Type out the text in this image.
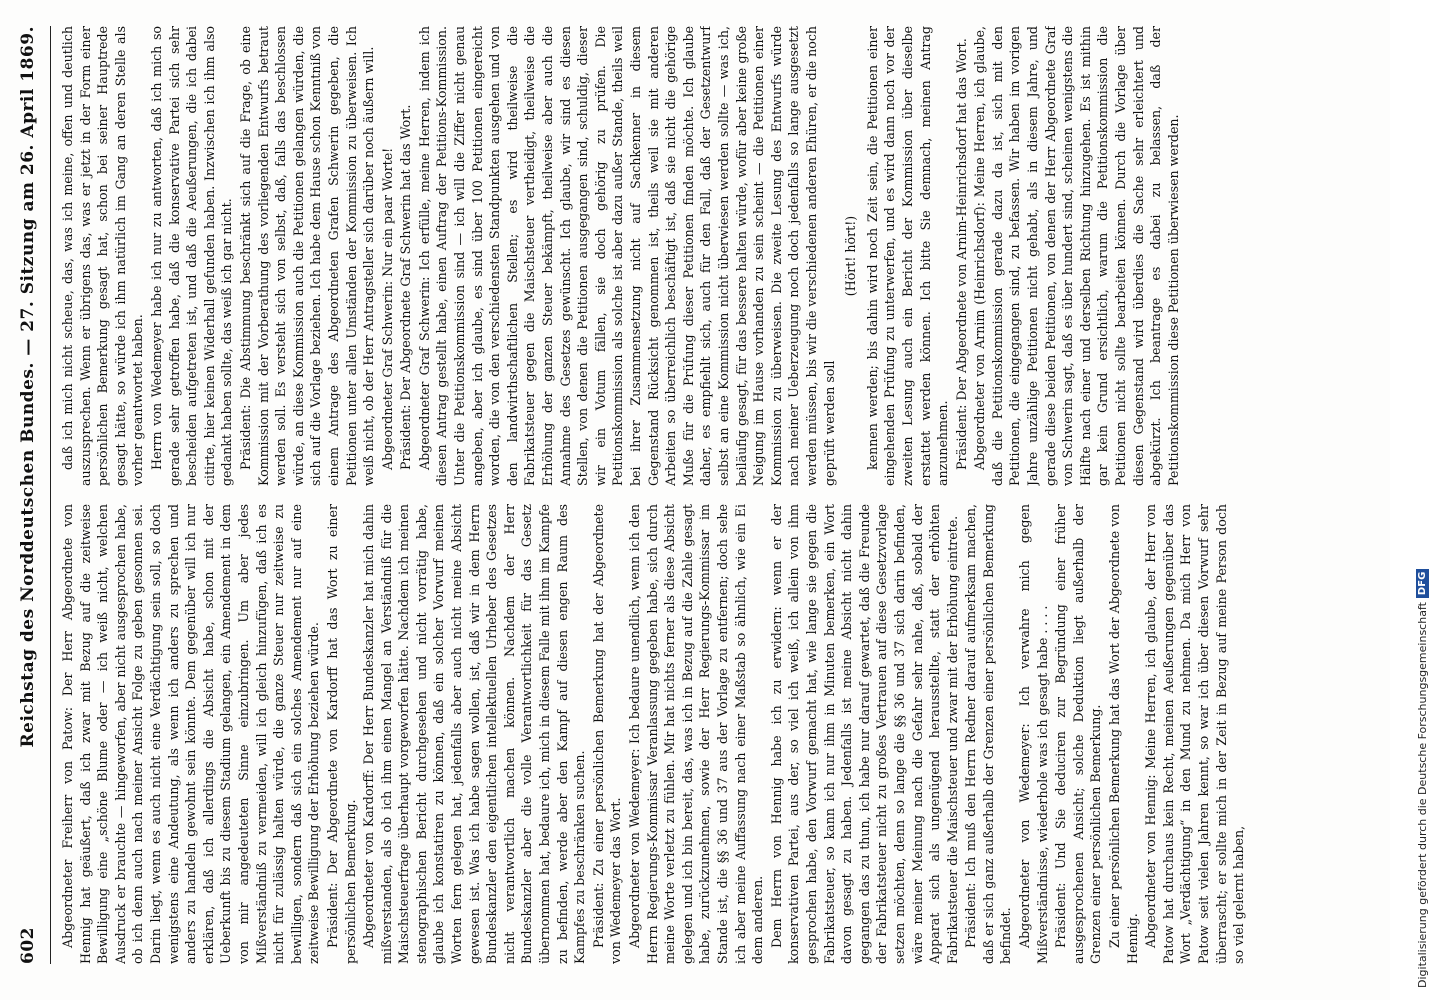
602
Reichstag des Norddeutschen Bundes. — 27. Sitzung am 26. April 1869. Abgeordneter Freiherr von Patow: Der Herr Abgeordnete von Hennig hat geäußert, daß ich zwar mit Bezug auf die zeitweise Bewilligung eine „schöne Blume oder — ich weiß nicht, welchen Ausdruck er brauchte — hingeworfen, aber nicht ausgesprochen habe, ob ich denn auch nach meiner Ansicht Folge zu geben gesonnen sei. Darin liegt, wenn es auch nicht eine Verdächtigung sein soll, so doch wenigstens eine Andeutung, als wenn ich anders zu sprechen und anders zu handeln gewohnt sein könnte. Dem gegenüber will ich nur erklären, daß ich allerdings die Absicht habe, schon mit der Ueberkunft bis zu diesem Stadium gelangen, ein Amendement in dem von mir angedeuteten Sinne einzubringen. Um aber jedes Mißverständniß zu vermeiden, will ich gleich hinzufügen, daß ich es nicht für zulässig halten würde, die ganze Steuer nur zeitweise zu bewilligen, sondern daß sich ein solches Amendement nur auf eine zeitweise Bewilligung der Erhöhung beziehen würde. Präsident: Der Abgeordnete von Kardorff hat das Wort zu einer persönlichen Bemerkung. Abgeordneter von Kardorff: Der Herr Bundeskanzler hat mich dahin mißverstanden, als ob ich ihm einen Mangel an Verständniß für die Maischsteuerfrage überhaupt vorgeworfen hätte. Nachdem ich meinen stenographischen Bericht durchgesehen und nicht vorrätig habe, glaube ich konstatiren zu können, daß ein solcher Vorwurf meinen Worten fern gelegen hat, jedenfalls aber auch nicht meine Absicht gewesen ist. Was ich habe sagen wollen, ist, daß wir in dem Herrn Bundeskanzler den eigentlichen intellektuellen Urheber des Gesetzes nicht verantwortlich machen können. Nachdem der Herr Bundeskanzler aber die volle Verantwortlichkeit für das Gesetz übernommen hat, bedaure ich, mich in diesem Falle mit ihm im Kampfe zu befinden, werde aber den Kampf auf diesen engen Raum des Kampfes zu beschränken suchen. Präsident: Zu einer persönlichen Bemerkung hat der Abgeordnete von Wedemeyer das Wort. Abgeordneter von Wedemeyer: Ich bedaure unendlich, wenn ich den Herrn Regierungs-Kommissar Veranlassung gegeben habe, sich durch meine Worte verletzt zu fühlen. Mir hat nichts ferner als diese Absicht gelegen und ich bin bereit, das, was ich in Bezug auf die Zahle gesagt habe, zurückzunehmen, sowie der Herr Regierungs-Kommissar im Stande ist, die §§ 36 und 37 aus der Vorlage zu entfernen; doch sehe ich aber meine Auffassung nach einer Maßstab so ähnlich, wie ein Ei dem anderen. Dem Herrn von Hennig habe ich zu erwidern: wenn er der konservativen Partei, aus der, so viel ich weiß, ich allein von ihm gesprochen habe, den Vorwurf gemacht hat, wie lange sie gegen die Fabrikatsteuer, so kann ich nur ihm in Minuten bemerken, ein Wort davon gesagt zu haben. Jedenfalls ist meine Absicht nicht dahin gegangen das zu thun, ich habe nur darauf gewartet, daß die Freunde der Fabrikatsteuer nicht zu großes Vertrauen auf diese Gesetzvorlage setzen möchten, denn so lange die §§ 36 und 37 sich darin befinden, wäre meiner Meinung nach die Gefahr sehr nahe, daß, sobald der Apparat sich als ungenügend herausstellte, statt der erhöhten Fabrikatsteuer die Maischsteuer und zwar mit der Erhöhung eintrete. Präsident: Ich muß den Herrn Redner darauf aufmerksam machen, daß er sich ganz außerhalb der Grenzen einer persönlichen Bemerkung befindet. Abgeordneter von Wedemeyer: Ich verwahre mich gegen Mißverständnisse, wiederhole was ich gesagt habe . . . . Präsident: Und Sie deduciren zur Begründung einer früher ausgesprochenen Ansicht; solche Deduktion liegt außerhalb der Grenzen einer persönlichen Bemerkung. Zu einer persönlichen Bemerkung hat das Wort der Abgeordnete von Hennig. Abgeordneter von Hennig: Meine Herren, ich glaube, der Herr von Patow hat durchaus kein Recht, meinen Aeußerungen gegenüber das Wort „Verdächtigung“ in den Mund zu nehmen. Da mich Herr von Patow seit vielen Jahren kennt, so war ich über diesen Vorwurf sehr überrascht; er sollte mich in der Zeit in Bezug auf meine Person doch so viel gelernt haben,

daß ich mich nicht scheue, das, was ich meine, offen und deutlich auszusprechen. Wenn er übrigens das, was er jetzt in der Form einer persönlichen Bemerkung gesagt hat, schon bei seiner Hauptrede gesagt hätte, so würde ich ihm natürlich im Gang an deren Stelle als vorher geantwortet haben. Herrn von Wedemeyer habe ich nur zu antworten, daß ich mich so gerade sehr getroffen habe, daß die konservative Partei sich sehr bescheiden aufgetreten ist, und daß die Aeußerungen, die ich dabei citirte, hier keinen Widerhall gefunden haben. Inzwischen ich ihm also gedankt haben sollte, das weiß ich gar nicht. Präsident: Die Abstimmung beschränkt sich auf die Frage, ob eine Kommission mit der Vorberathung des vorliegenden Entwurfs betraut werden soll. Es versteht sich von selbst, daß, falls das beschlossen würde, an diese Kommission auch die Petitionen gelangen würden, die sich auf die Vorlage beziehen. Ich habe dem Hause schon Kenntniß von einem Antrage des Abgeordneten Grafen Schwerin gegeben, die Petitionen unter allen Umständen der Kommission zu überweisen. Ich weiß nicht, ob der Herr Antragsteller sich darüber noch äußern will. Abgeordneter Graf Schwerin: Nur ein paar Worte! Präsident: Der Abgeordnete Graf Schwerin hat das Wort. Abgeordneter Graf Schwerin: Ich erfülle, meine Herren, indem ich diesen Antrag gestellt habe, einen Auftrag der Petitions-Kommission. Unter die Petitionskommission sind — ich will die Ziffer nicht genau angeben, aber ich glaube, es sind über 100 Petitionen eingereicht worden, die von den verschiedensten Standpunkten ausgehen und von den landwirthschaftlichen Stellen; es wird theilweise die Fabrikatsteuer gegen die Maischsteuer vertheidigt, theilweise die Erhöhung der ganzen Steuer bekämpft, theilweise aber auch die Annahme des Gesetzes gewünscht. Ich glaube, wir sind es diesen Stellen, von denen die Petitionen ausgegangen sind, schuldig, dieser wir ein Votum fällen, sie doch gehörig zu prüfen. Die Petitionskommission als solche ist aber dazu außer Stande, theils weil bei ihrer Zusammensetzung nicht auf Sachkenner in diesem Gegenstand Rücksicht genommen ist, theils weil sie mit anderen Arbeiten so überreichlich beschäftigt ist, daß sie nicht die gehörige Muße für die Prüfung dieser Petitionen finden möchte. Ich glaube daher, es empfiehlt sich, auch für den Fall, daß der Gesetzentwurf selbst an eine Kommission nicht überwiesen werden sollte — was ich, beiläufig gesagt, für das bessere halten würde, wofür aber keine große Neigung im Hause vorhanden zu sein scheint — die Petitionen einer Kommission zu überweisen. Die zweite Lesung des Entwurfs würde nach meiner Ueberzeugung noch doch jedenfalls so lange ausgesetzt werden müssen, bis wir die verschiedenen anderen Ehüren, er die noch geprüft werden soll

(Hört! hört!) kennen werden; bis dahin wird noch Zeit sein, die Petitionen einer eingehenden Prüfung zu unterwerfen, und es wird dann noch vor der zweiten Lesung auch ein Bericht der Kommission über dieselbe erstattet werden können. Ich bitte Sie demnach, meinen Antrag anzunehmen. Präsident: Der Abgeordnete von Arnim-Heinrichsdorf hat das Wort. Abgeordneter von Arnim (Heinrichsdorf): Meine Herren, ich glaube, daß die Petitionskommission gerade dazu da ist, sich mit den Petitionen, die eingegangen sind, zu befassen. Wir haben im vorigen Jahre unzählige Petitionen nicht gehabt, als in diesem Jahre, und gerade diese beiden Petitionen, von denen der Herr Abgeordnete Graf von Schwerin sagt, daß es über hundert sind, scheinen wenigstens die Hälfte nach einer und derselben Richtung hinzugehen. Es ist mithin gar kein Grund ersichtlich, warum die Petitionskommission die Petitionen nicht sollte bearbeiten können. Durch die Vorlage über diesen Gegenstand wird überdies die Sache sehr erleichtert und abgekürzt. Ich beantrage es dabei zu belassen, daß der Petitionskommission diese Petitionen überwiesen werden.

Digitalisierung gefördert durch die Deutsche Forschungsgemeinschaft
DFG
